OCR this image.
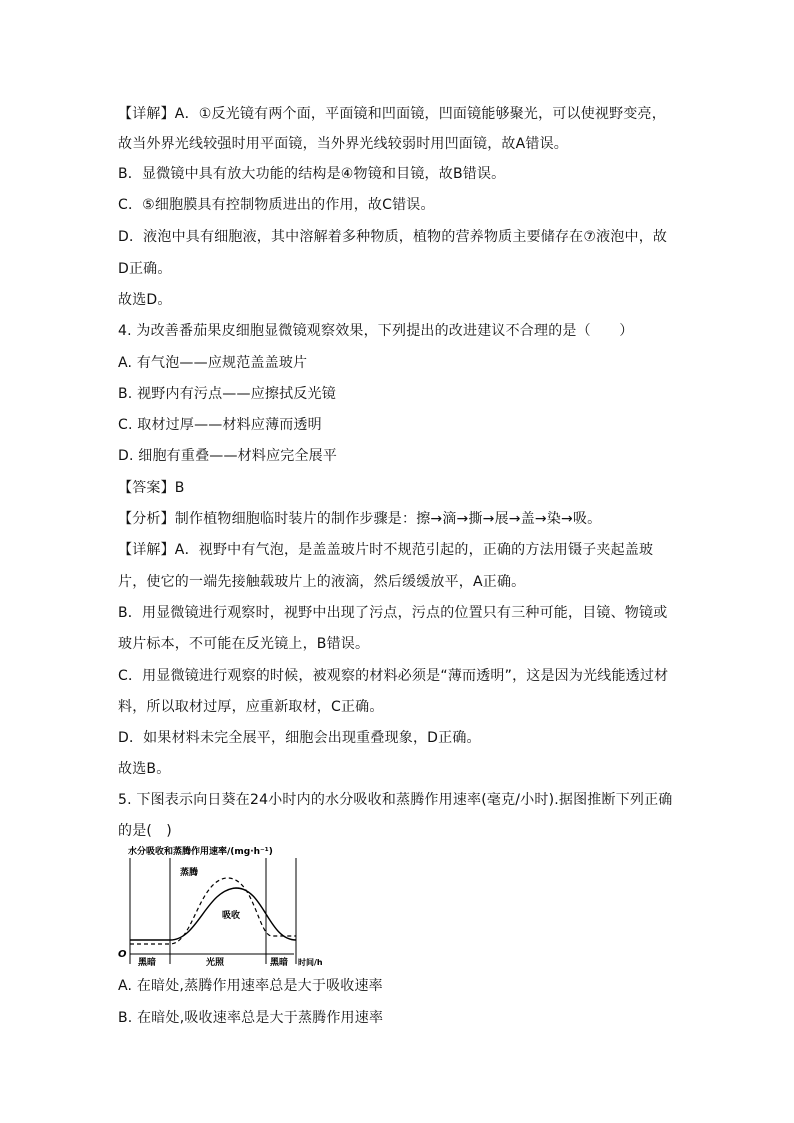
【详解】A．①反光镜有两个面，平面镜和凹面镜，凹面镜能够聚光，可以使视野变亮，
故当外界光线较强时用平面镜，当外界光线较弱时用凹面镜，故A错误。
B．显微镜中具有放大功能的结构是④物镜和目镜，故B错误。
C．⑤细胞膜具有控制物质进出的作用，故C错误。
D．液泡中具有细胞液，其中溶解着多种物质，植物的营养物质主要储存在⑦液泡中，故
D正确。
故选D。
4. 为改善番茄果皮细胞显微镜观察效果，下列提出的改进建议不合理的是（　　）
A. 有气泡——应规范盖盖玻片
B. 视野内有污点——应擦拭反光镜
C. 取材过厚——材料应薄而透明
D. 细胞有重叠——材料应完全展平
【答案】B
【分析】制作植物细胞临时装片的制作步骤是：擦→滴→撕→展→盖→染→吸。
【详解】A．视野中有气泡，是盖盖玻片时不规范引起的，正确的方法用镊子夹起盖玻
片，使它的一端先接触载玻片上的液滴，然后缓缓放平，A正确。
B．用显微镜进行观察时，视野中出现了污点，污点的位置只有三种可能，目镜、物镜或
玻片标本，不可能在反光镜上，B错误。
C．用显微镜进行观察的时候，被观察的材料必须是“薄而透明”，这是因为光线能透过材
料，所以取材过厚，应重新取材，C正确。
D．如果材料未完全展平，细胞会出现重叠现象，D正确。
故选B。
5. 下图表示向日葵在24小时内的水分吸收和蒸腾作用速率(毫克/小时).据图推断下列正确
的是(　)
水分吸收和蒸腾作用速率/(mg·h⁻¹)
O
蒸腾
吸收
黑暗	光照	黑暗 时间/h
A. 在暗处,蒸腾作用速率总是大于吸收速率
B. 在暗处,吸收速率总是大于蒸腾作用速率
